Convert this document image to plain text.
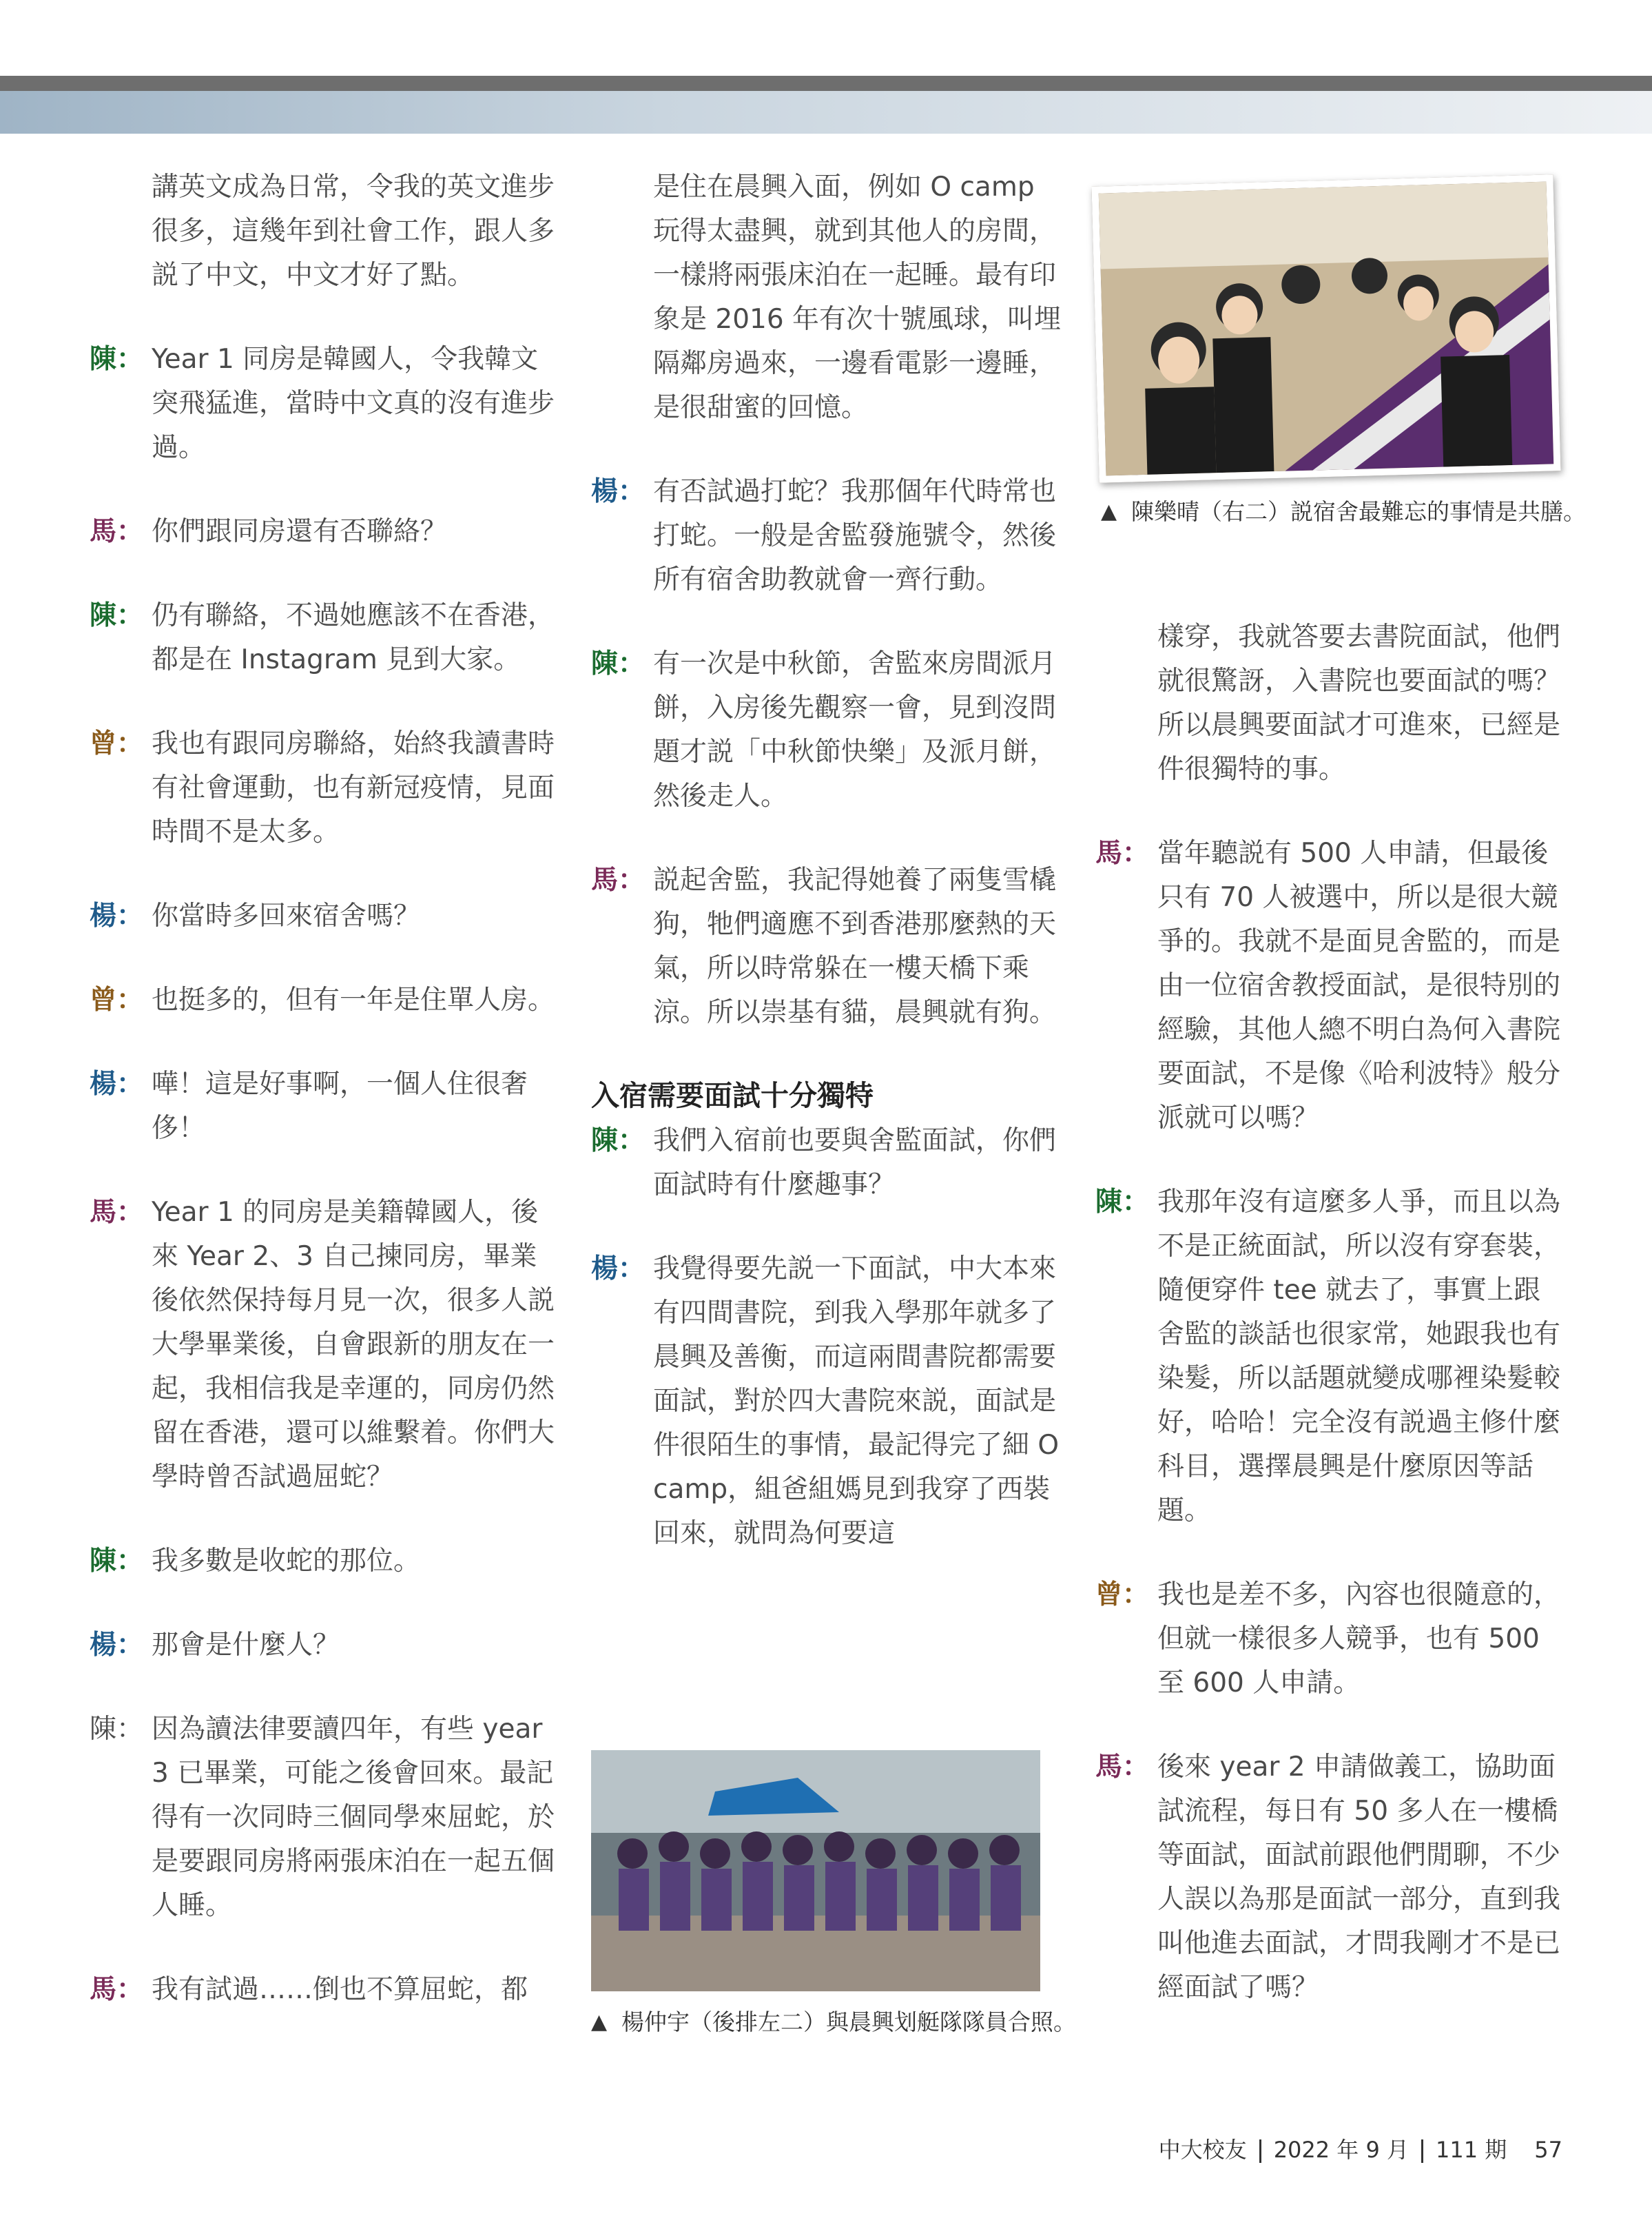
講英文成為日常，令我的英文進步很多，這幾年到社會工作，跟人多説了中文，中文才好了點。
陳： Year 1 同房是韓國人，令我韓文突飛猛進，當時中文真的沒有進步過。
馬： 你們跟同房還有否聯絡？
陳： 仍有聯絡，不過她應該不在香港，都是在 Instagram 見到大家。
曾： 我也有跟同房聯絡，始終我讀書時有社會運動，也有新冠疫情，見面時間不是太多。
楊： 你當時多回來宿舍嗎？
曾： 也挺多的，但有一年是住單人房。
楊： 嘩！這是好事啊，一個人住很奢侈！
馬： Year 1 的同房是美籍韓國人，後來 Year 2、3 自己揀同房，畢業後依然保持每月見一次，很多人説大學畢業後，自會跟新的朋友在一起，我相信我是幸運的，同房仍然留在香港，還可以維繫着。你們大學時曾否試過屈蛇？
陳： 我多數是收蛇的那位。
楊： 那會是什麼人？
陳： 因為讀法律要讀四年，有些 year 3 已畢業，可能之後會回來。最記得有一次同時三個同學來屈蛇，於是要跟同房將兩張床泊在一起五個人睡。
馬： 我有試過……倒也不算屈蛇，都
是住在晨興入面，例如 O camp 玩得太盡興，就到其他人的房間，一樣將兩張床泊在一起睡。最有印象是 2016 年有次十號風球，叫埋隔鄰房過來，一邊看電影一邊睡，是很甜蜜的回憶。
楊： 有否試過打蛇？我那個年代時常也打蛇。一般是舍監發施號令，然後所有宿舍助教就會一齊行動。
陳： 有一次是中秋節，舍監來房間派月餅，入房後先觀察一會，見到沒問題才説「中秋節快樂」及派月餅，然後走人。
馬： 説起舍監，我記得她養了兩隻雪橇狗，牠們適應不到香港那麼熱的天氣，所以時常躲在一樓天橋下乘涼。所以崇基有貓，晨興就有狗。
入宿需要面試十分獨特
陳： 我們入宿前也要與舍監面試，你們面試時有什麼趣事？
楊： 我覺得要先説一下面試，中大本來有四間書院，到我入學那年就多了晨興及善衡，而這兩間書院都需要面試，對於四大書院來説，面試是件很陌生的事情，最記得完了細 O camp，組爸組媽見到我穿了西裝回來，就問為何要這
▲ 楊仲宇（後排左二）與晨興划艇隊隊員合照。
▲ 陳樂晴（右二）説宿舍最難忘的事情是共膳。
樣穿，我就答要去書院面試，他們就很驚訝，入書院也要面試的嗎？所以晨興要面試才可進來，已經是件很獨特的事。
馬： 當年聽説有 500 人申請，但最後只有 70 人被選中，所以是很大競爭的。我就不是面見舍監的，而是由一位宿舍教授面試，是很特別的經驗，其他人總不明白為何入書院要面試，不是像《哈利波特》般分派就可以嗎？
陳： 我那年沒有這麼多人爭，而且以為不是正統面試，所以沒有穿套裝，隨便穿件 tee 就去了，事實上跟舍監的談話也很家常，她跟我也有染髮，所以話題就變成哪裡染髮較好，哈哈！完全沒有説過主修什麼科目，選擇晨興是什麼原因等話題。
曾： 我也是差不多，內容也很隨意的，但就一樣很多人競爭，也有 500 至 600 人申請。
馬： 後來 year 2 申請做義工，協助面試流程，每日有 50 多人在一樓橋等面試，面試前跟他們閒聊，不少人誤以為那是面試一部分，直到我叫他進去面試，才問我剛才不是已經面試了嗎？
中大校友 2022 年 9 月 111 期 57
